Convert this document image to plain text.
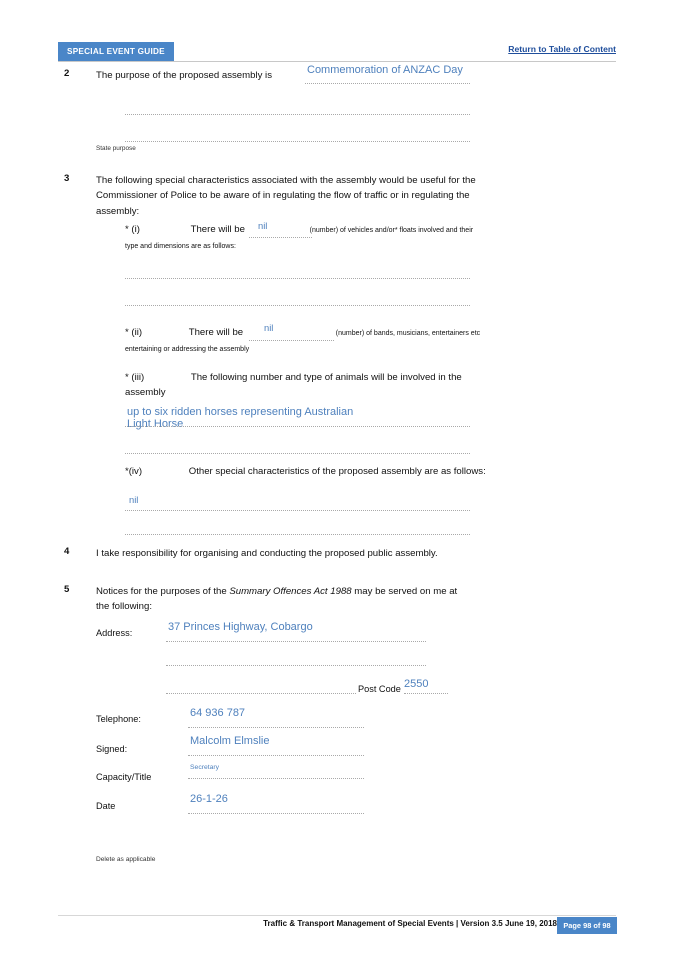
SPECIAL EVENT GUIDE	Return to Table of Content
2	The purpose of the proposed assembly is	Commemoration of ANZAC Day
State purpose
3	The following special characteristics associated with the assembly would be useful for the Commissioner of Police to be aware of in regulating the flow of traffic or in regulating the assembly:
* (i)	There will be	(number) of vehicles and/or* floats involved and their type and dimensions are as follows:
nil
* (ii)	There will be	(number) of bands, musicians, entertainers etc entertaining or addressing the assembly
nil
* (iii)	The following number and type of animals will be involved in the assembly
up to six ridden horses representing Australian
Light Horse
*(iv)	Other special characteristics of the proposed assembly are as follows:
nil
4	I take responsibility for organising and conducting the proposed public assembly.
5	Notices for the purposes of the Summary Offences Act 1988 may be served on me at the following:
Address:	37 Princes Highway, Cobargo
Post Code 2550
Telephone:	64 936 787
Signed:
Malcolm Elmslie
Capacity/Title
Secretary
Date
26-1-26
Delete as applicable
Traffic & Transport Management of Special Events | Version 3.5 June 19, 2018 Page 98 of 98
